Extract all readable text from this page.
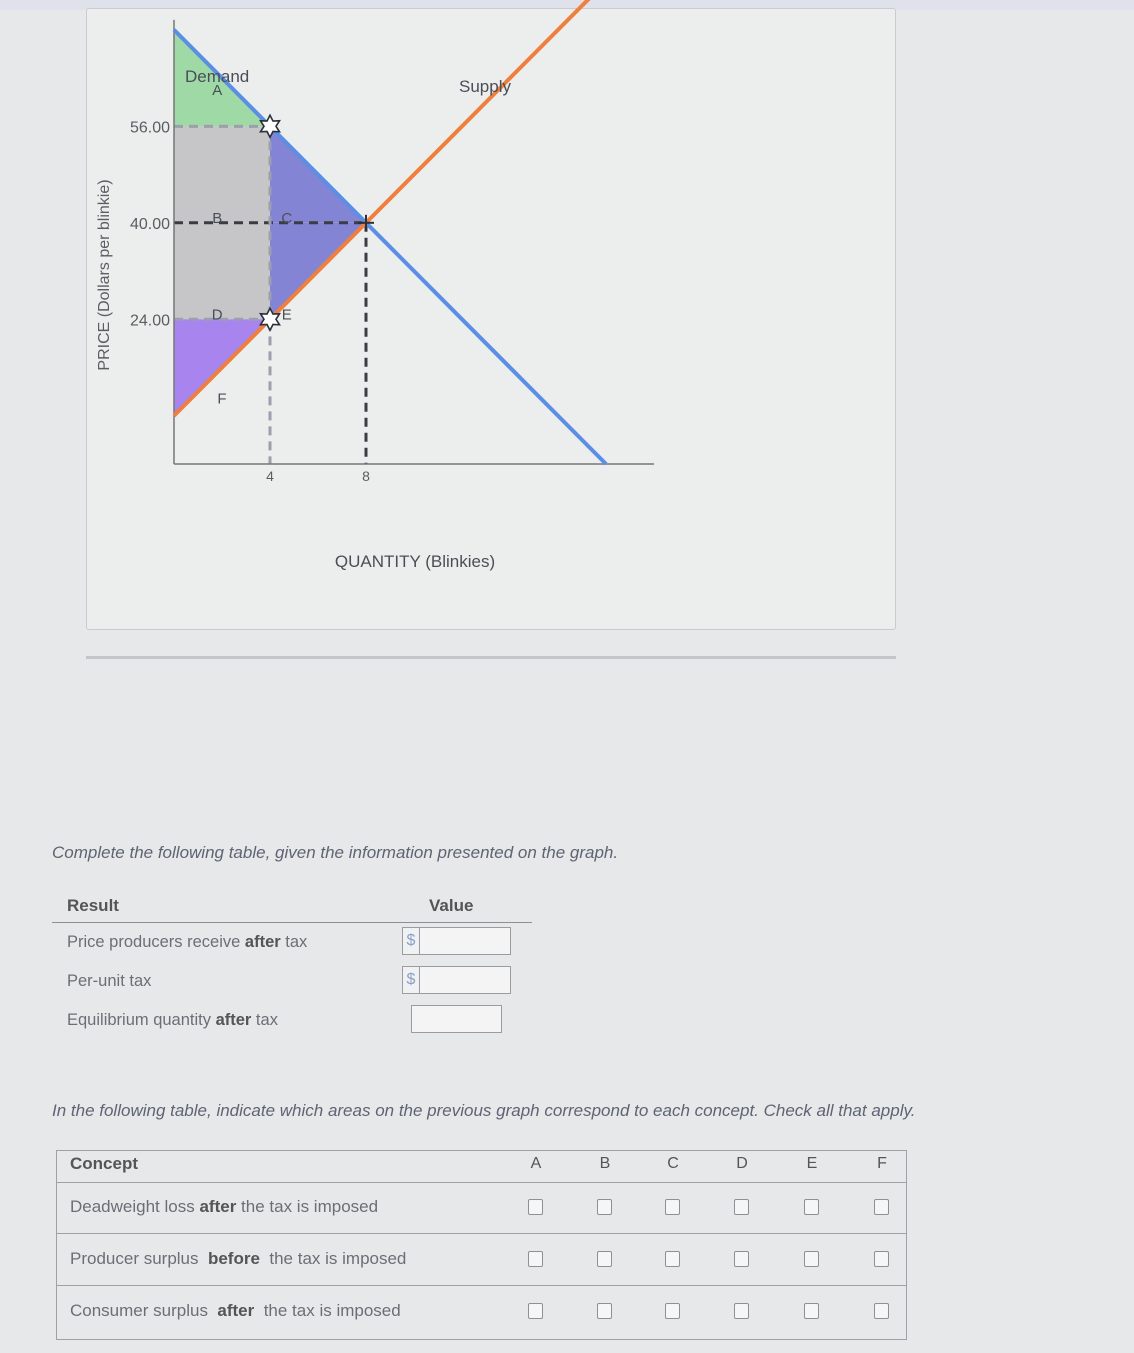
A
B	C
D	E
F
56.00
40.00
24.00
4	8
Demand
Supply
QUANTITY (Blinkies)
PRICE (Dollars per blinkie)
Complete the following table, given the information presented on the graph.
Result	Value
Price producers receive after tax	$
Per-unit tax	$
Equilibrium quantity after tax
In the following table, indicate which areas on the previous graph correspond to each concept. Check all that apply.
Concept	A	B	C	D	E	F
Deadweight loss after the tax is imposed
Producer surplus  before  the tax is imposed
Consumer surplus  after  the tax is imposed
